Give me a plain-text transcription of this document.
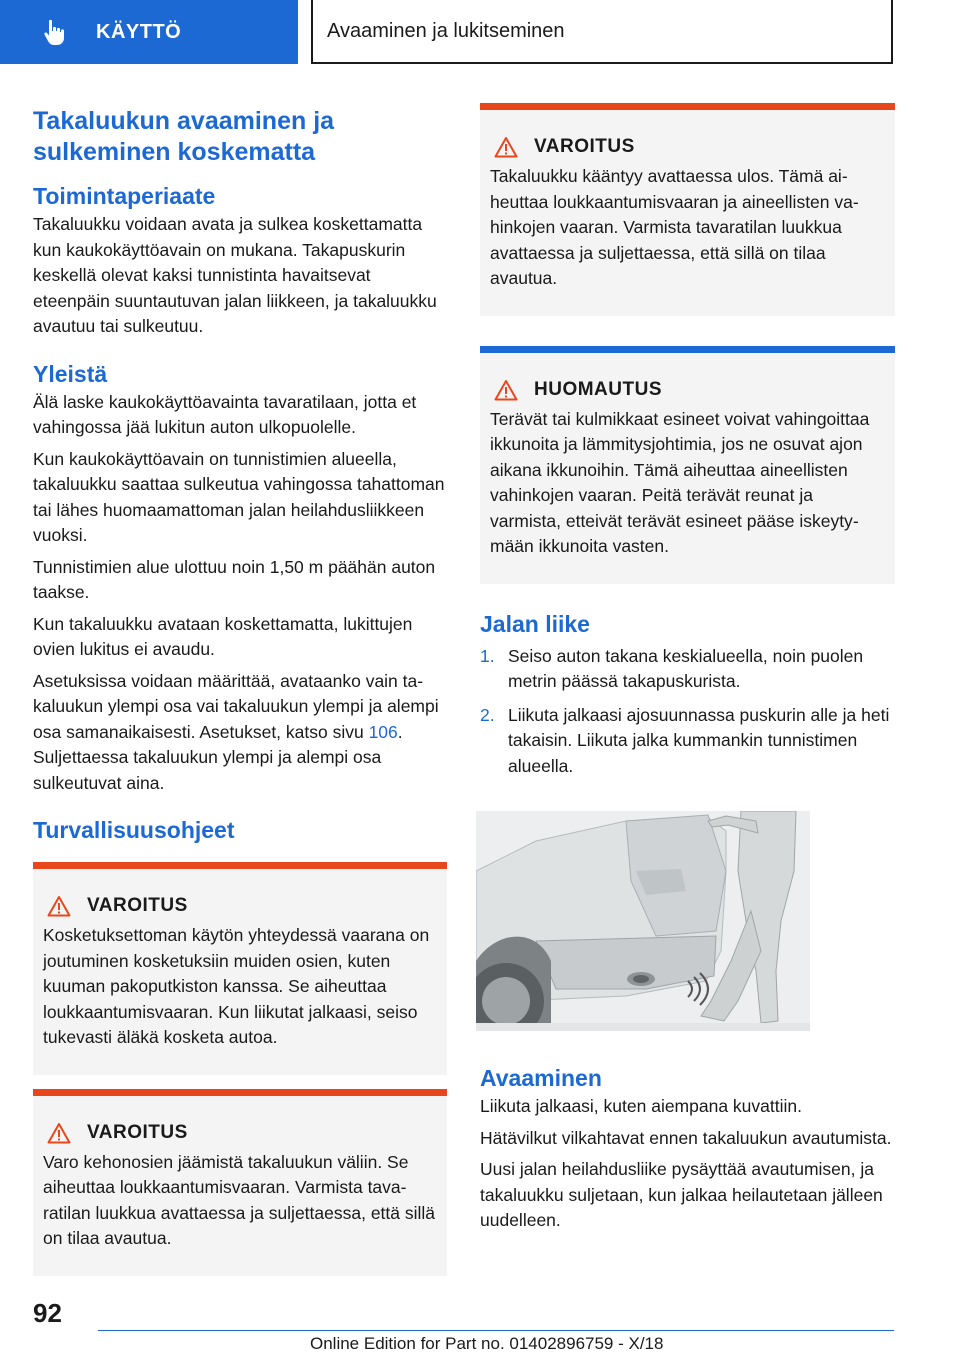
KÄYTTÖ	Avaaminen ja lukitseminen
Takaluukun avaaminen ja sulkeminen koskematta
Toimintaperiaate
Takaluukku voidaan avata ja sulkea koskettamatta kun kaukokäyttöavain on mukana. Takapuskurin keskellä olevat kaksi tunnistinta havaitsevat eteenpäin suuntautuvan jalan liikkeen, ja takaluukku avautuu tai sulkeutuu.
Yleistä
Älä laske kaukokäyttöavainta tavaratilaan, jotta et vahingossa jää lukitun auton ulkopuolelle.
Kun kaukokäyttöavain on tunnistimien alueella, takaluukku saattaa sulkeutua vahingossa tahattoman tai lähes huomaamattoman jalan heilahdusliikkeen vuoksi.
Tunnistimien alue ulottuu noin 1,50 m päähän auton taakse.
Kun takaluukku avataan koskettamatta, lukittujen ovien lukitus ei avaudu.
Asetuksissa voidaan määrittää, avataanko vain takaluukun ylempi osa vai takaluukun ylempi ja alempi osa samanaikaisesti. Asetukset, katso sivu 106. Suljettaessa takaluukun ylempi ja alempi osa sulkeutuvat aina.
Turvallisuusohjeet
VAROITUS
Kosketuksettoman käytön yhteydessä vaarana on joutuminen kosketuksiin muiden osien, kuten kuuman pakoputkiston kanssa. Se aiheuttaa loukkaantumisvaaran. Kun liikutat jalkaasi, seiso tukevasti äläkä kosketa autoa.
VAROITUS
Varo kehonosien jäämistä takaluukun väliin. Se aiheuttaa loukkaantumisvaaran. Varmista tavaratilan luukkua avattaessa ja suljettaessa, että sillä on tilaa avautua.
VAROITUS
Takaluukku kääntyy avattaessa ulos. Tämä aiheuttaa loukkaantumisvaaran ja aineellisten vahinkojen vaaran. Varmista tavaratilan luukkua avattaessa ja suljettaessa, että sillä on tilaa avautua.
HUOMAUTUS
Terävät tai kulmikkaat esineet voivat vahingoittaa ikkunoita ja lämmitysjohtimia, jos ne osuvat ajon aikana ikkunoihin. Tämä aiheuttaa aineellisten vahinkojen vaaran. Peitä terävät reunat ja varmista, etteivät terävät esineet pääse iskeytymään ikkunoita vasten.
Jalan liike
1. Seiso auton takana keskialueella, noin puolen metrin päässä takapuskurista.
2. Liikuta jalkaasi ajosuunnassa puskurin alle ja heti takaisin. Liikuta jalka kummankin tunnistimen alueella.
Avaaminen
Liikuta jalkaasi, kuten aiempana kuvattiin.
Hätävilkut vilkahtavat ennen takaluukun avautumista.
Uusi jalan heilahdusliike pysäyttää avautumisen, ja takaluukku suljetaan, kun jalkaa heilautetaan jälleen uudelleen.
92
Online Edition for Part no. 01402896759 - X/18
